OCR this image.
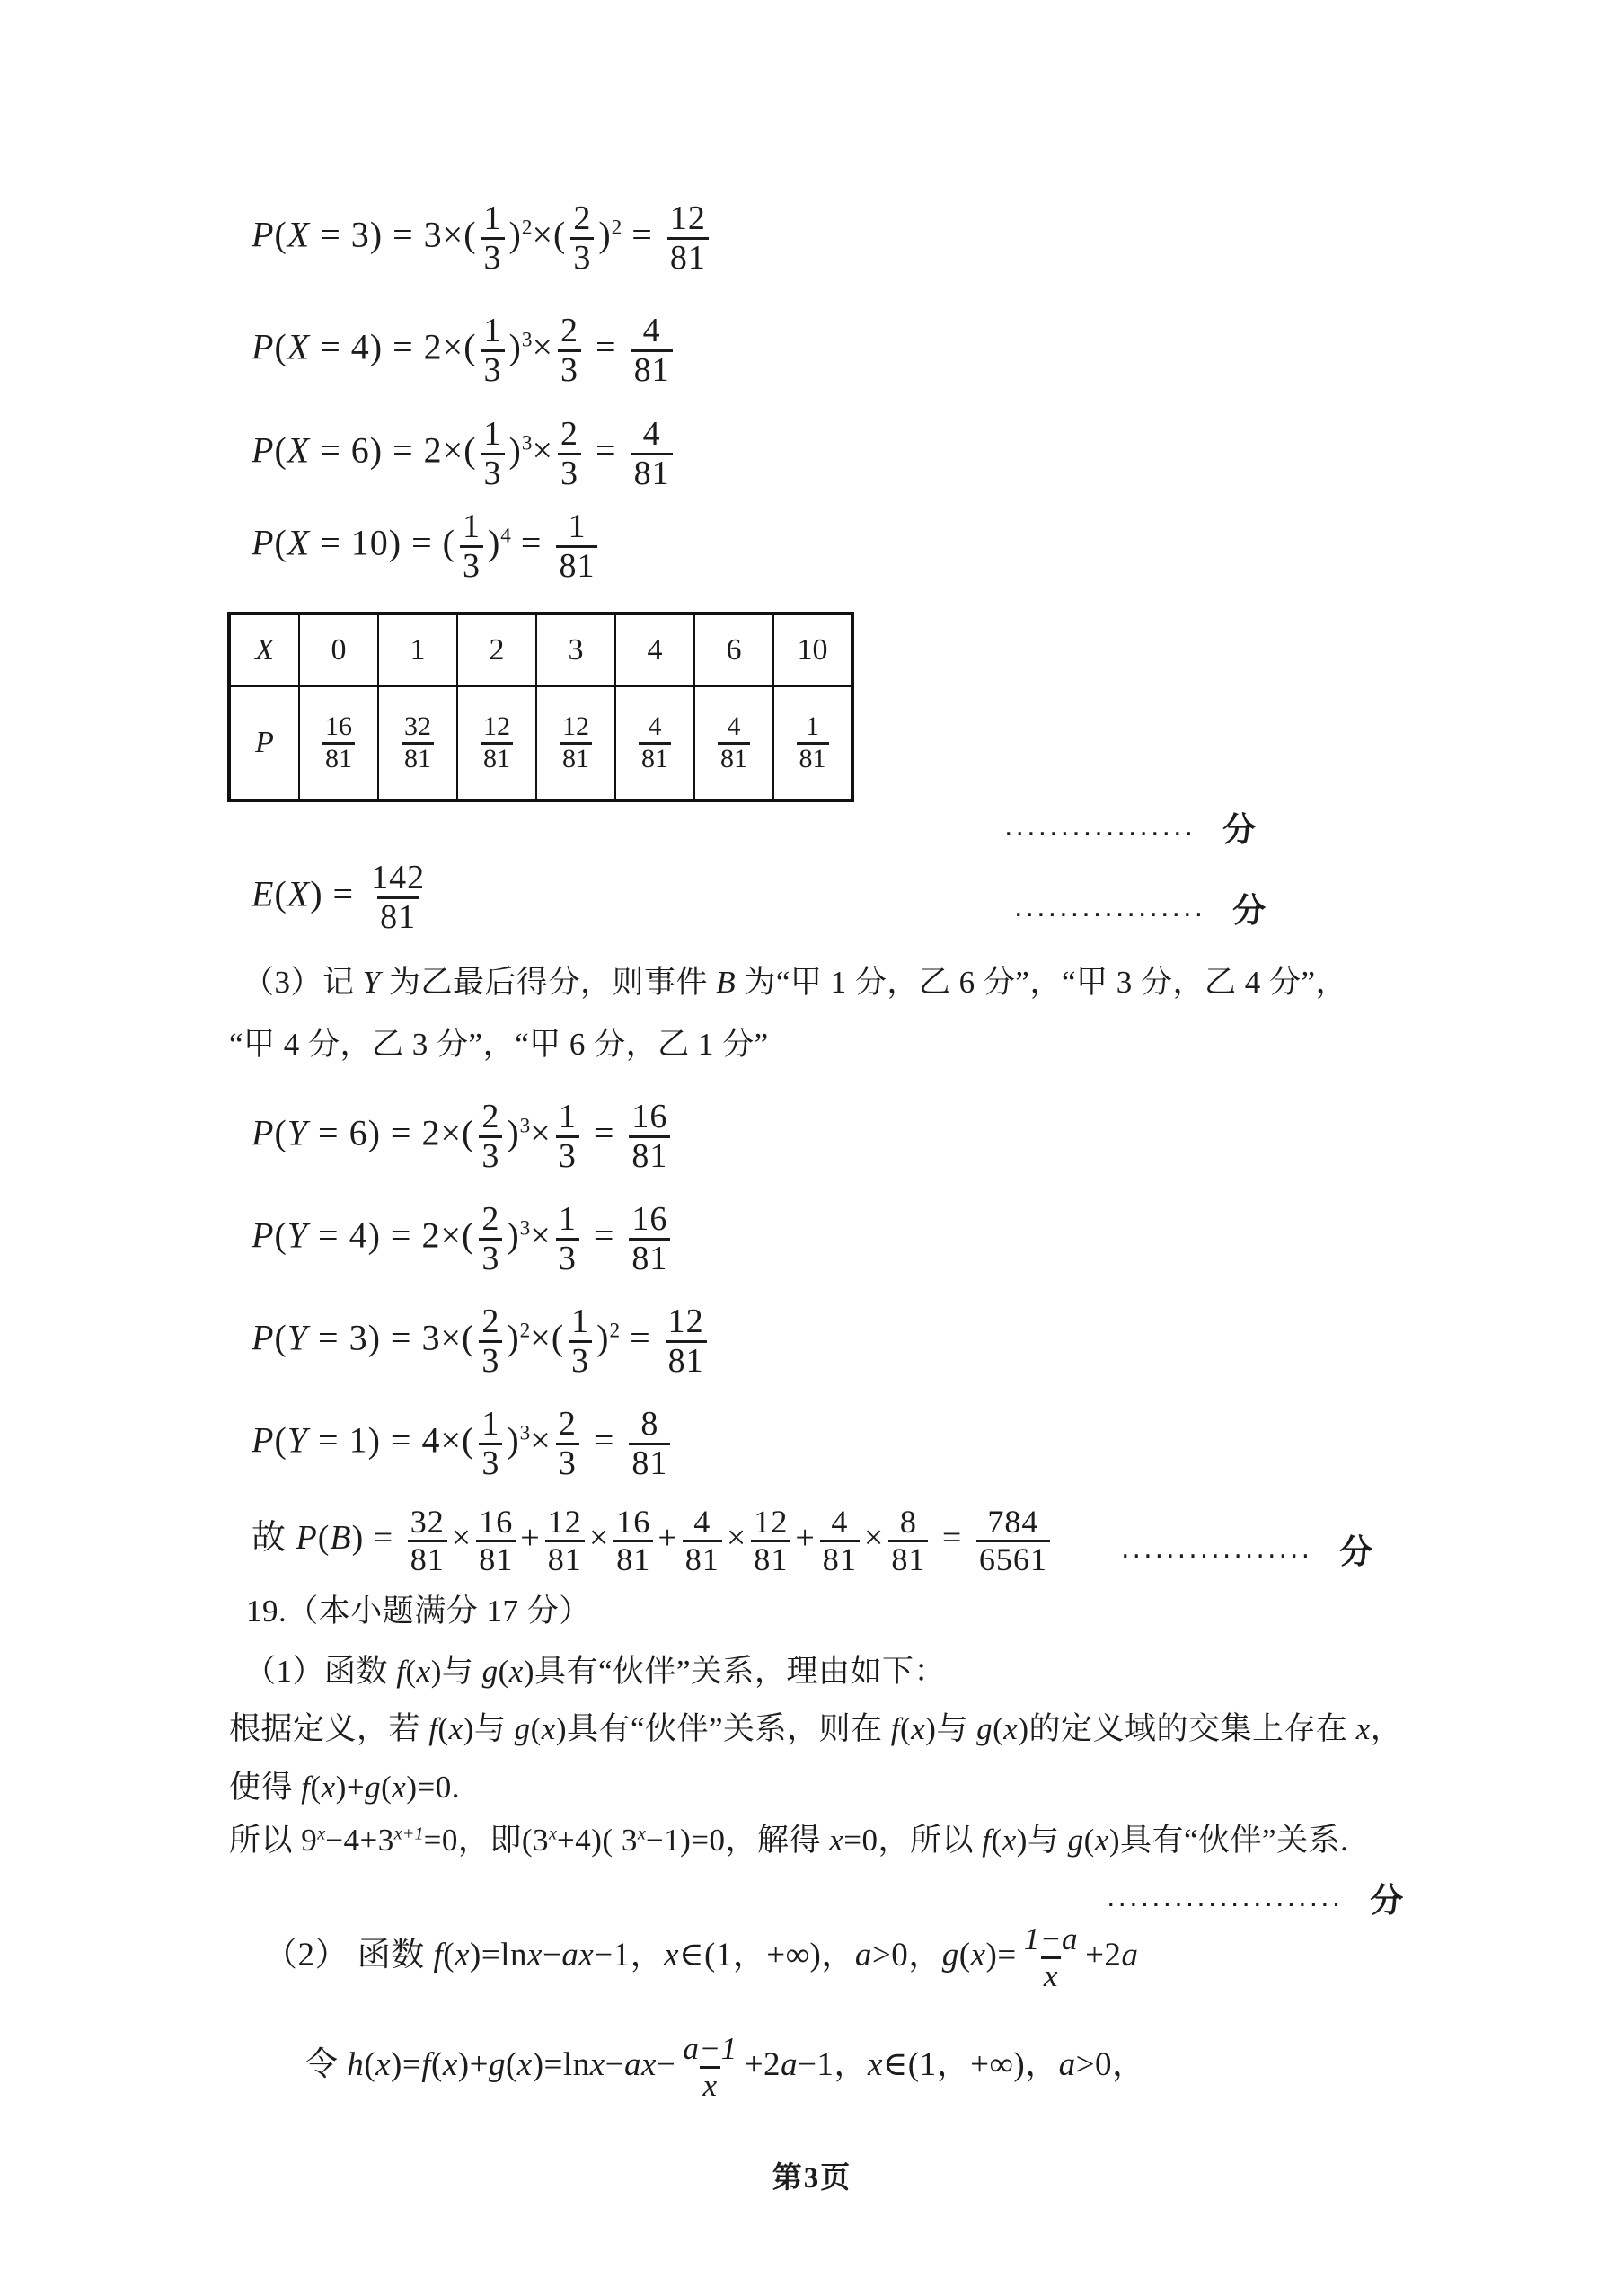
$P(X = 3) = 3\times( \frac{1}{3} )^2\times( \frac{2}{3} )^2 = \frac{12}{81}$
$P(X = 4) = 2\times( \frac{1}{3} )^3\times \frac{2}{3} = \frac{4}{81}$
$P(X = 6) = 2\times( \frac{1}{3} )^3\times \frac{2}{3} = \frac{4}{81}$
P(X = 10) = ( $\frac{1}{3} )^4 = \frac{1}{81}$
X	0	1	2	3	4	6	10
P	$\frac{16}{81}$	$\frac{32}{81}$	$\frac{12}{81}$	$\frac{12}{81}$	$\frac{4}{81}$	$\frac{4}{81}$	$\frac{1}{81}$
................. 分
$E(X) = \frac{142}{81}$	................. 分
（3）记 Y 为乙最后得分，则事件 B 为“甲 1 分，乙 6 分”，“甲 3 分，乙 4 分”，
“甲 4 分，乙 3 分”，“甲 6 分，乙 1 分”
$P(Y = 6) = 2\times( \frac{2}{3} )^3\times \frac{1}{3} = \frac{16}{81}$
$P(Y = 4) = 2\times( \frac{2}{3} )^3\times \frac{1}{3} = \frac{16}{81}$
$P(Y = 3) = 3\times( \frac{2}{3} )^2\times( \frac{1}{3} )^2 = \frac{12}{81}$
$P(Y = 1) = 4\times( \frac{1}{3} )^3\times \frac{2}{3} = \frac{8}{81}$
故 $P(B) = \frac{32}{81} \times \frac{16}{81} + \frac{12}{81} \times \frac{16}{81} + \frac{4}{81} \times \frac{12}{81} + \frac{4}{81} \times \frac{8}{81} = \frac{784}{6561}$	................. 分
19.（本小题满分 17 分）
（1）函数 f(x)与 g(x)具有“伙伴”关系，理由如下：
根据定义，若 f(x)与 g(x)具有“伙伴”关系，则在 f(x)与 g(x)的定义域的交集上存在 x，
使得 f(x)+g(x)=0.
所以 $9^x-4+3^{x+1}=0$，即$(3^x+4)$( $3^x-1)=0$，解得 x=0，所以 f(x)与 g(x)具有“伙伴”关系.
..................... 分
（2） 函数 f(x)=lnx−ax−1，x∈(1，+∞)，a>0，$g(x)= \frac{1-a}{x} +2a$
令 $h(x)=f(x)+g(x)=\ln x-ax- \frac{a-1}{x} +2a-1$，x∈(1，+∞)，a>0，
第3页
